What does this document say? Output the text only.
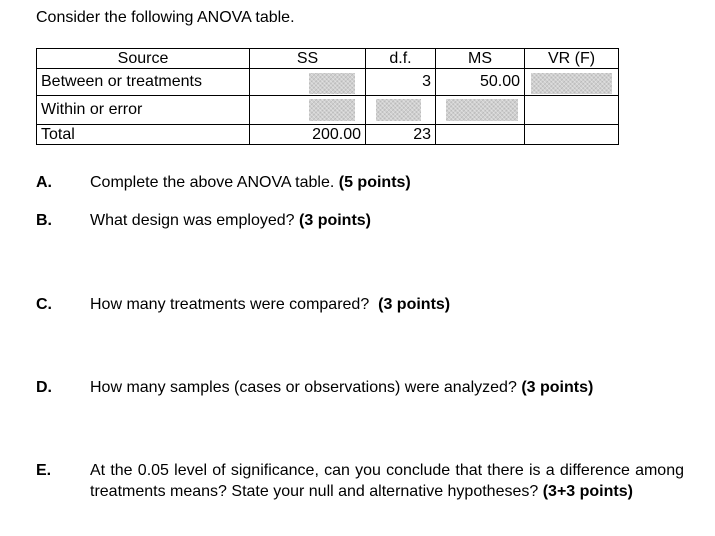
Consider the following ANOVA table.
Source	SS	d.f.	MS	VR (F)
Between or treatments		3	50.00	

Within or error	

Total	200.00	23		
A. Complete the above ANOVA table. (5 points)
B. What design was employed? (3 points)
C. How many treatments were compared? (3 points)
D. How many samples (cases or observations) were analyzed? (3 points)
E. At the 0.05 level of significance, can you conclude that there is a difference among treatments means? State your null and alternative hypotheses? (3+3 points)
